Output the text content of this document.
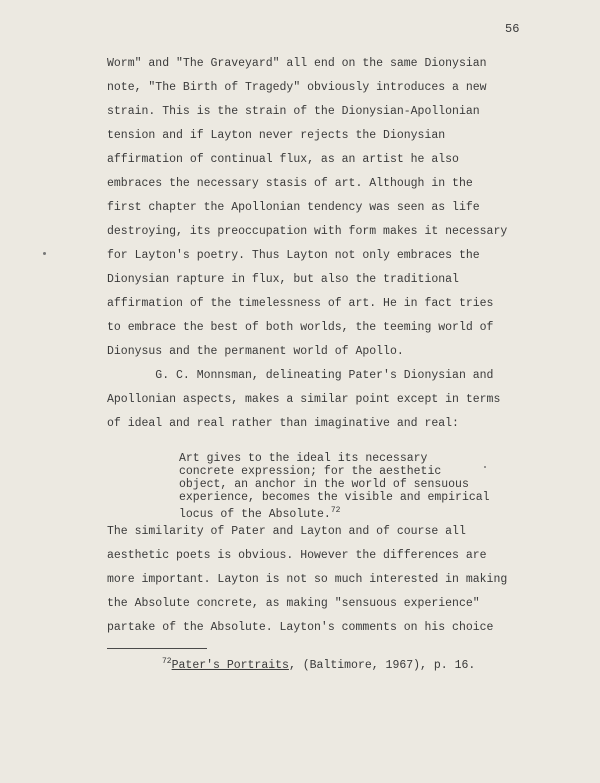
56
Worm" and "The Graveyard" all end on the same Dionysian
note, "The Birth of Tragedy" obviously introduces a new
strain. This is the strain of the Dionysian-Apollonian
tension and if Layton never rejects the Dionysian
affirmation of continual flux, as an artist he also
embraces the necessary stasis of art. Although in the
first chapter the Apollonian tendency was seen as life
destroying, its preoccupation with form makes it necessary
for Layton's poetry. Thus Layton not only embraces the
Dionysian rapture in flux, but also the traditional
affirmation of the timelessness of art. He in fact tries
to embrace the best of both worlds, the teeming world of
Dionysus and the permanent world of Apollo.
G. C. Monnsman, delineating Pater's Dionysian and
Apollonian aspects, makes a similar point except in terms
of ideal and real rather than imaginative and real:
Art gives to the ideal its necessary
concrete expression; for the aesthetic
object, an anchor in the world of sensuous
experience, becomes the visible and empirical
locus of the Absolute.$^{72}$
The similarity of Pater and Layton and of course all
aesthetic poets is obvious. However the differences are
more important. Layton is not so much interested in making
the Absolute concrete, as making "sensuous experience"
partake of the Absolute. Layton's comments on his choice
$^{72}$Pater's Portraits, (Baltimore, 1967), p. 16.
